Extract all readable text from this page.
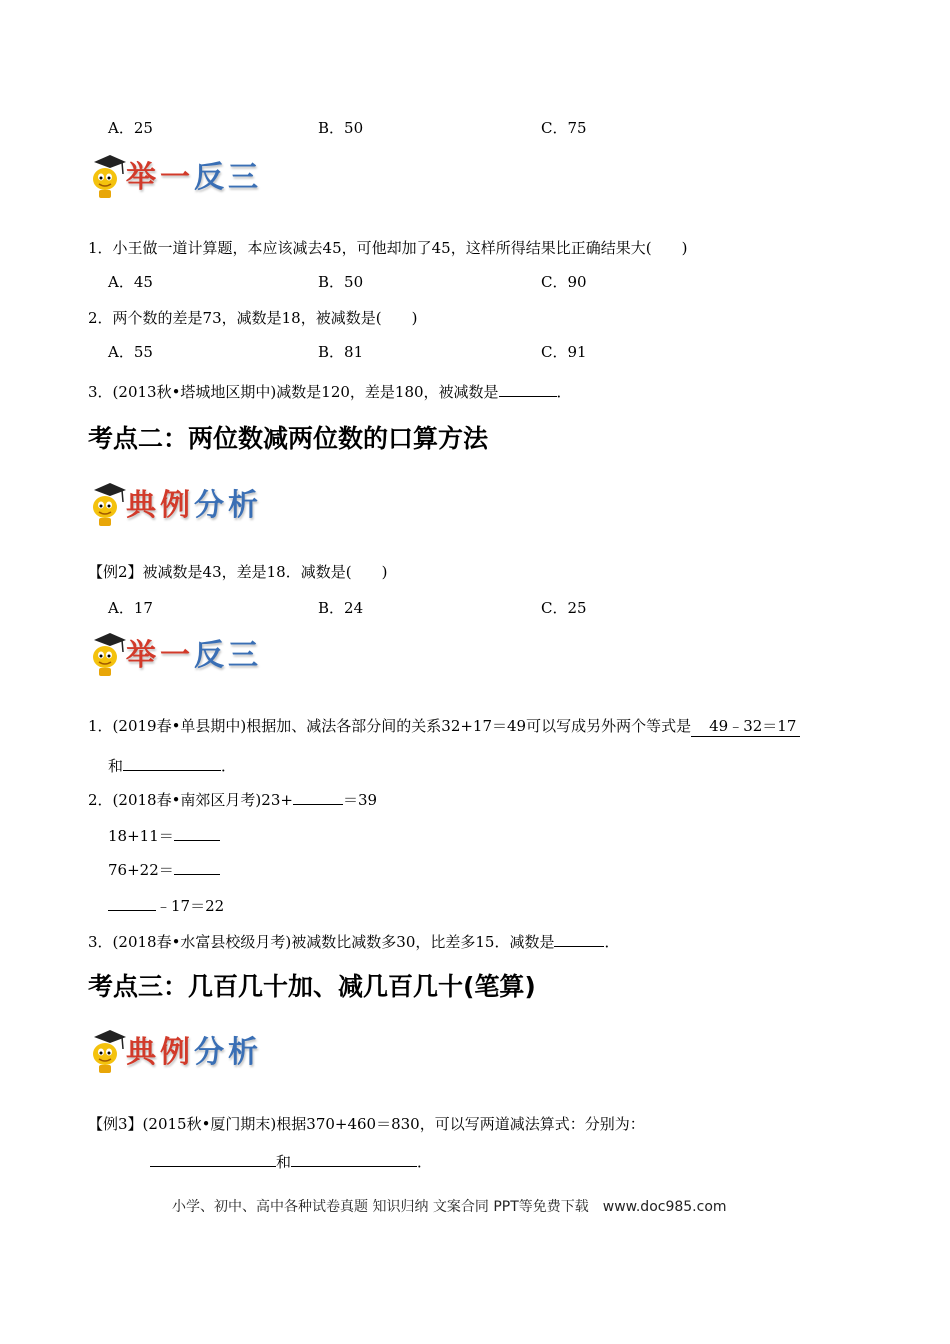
A．25	B．50	C．75
举一反三
1．小王做一道计算题，本应该减去45，可他却加了45，这样所得结果比正确结果大(　　)
A．45	B．50	C．90
2．两个数的差是73，减数是18，被减数是(　　)
A．55	B．81	C．91
3．(2013秋•塔城地区期中)减数是120，差是180，被减数是	．
考点二：两位数减两位数的口算方法
典例分析
【例2】被减数是43，差是18．减数是(　　)
A．17	B．24	C．25
举一反三
1．(2019春•单县期中)根据加、减法各部分间的关系32+17＝49可以写成另外两个等式是 49﹣32＝17
和	．
2．(2018春•南郊区月考)23+	＝39
18+11＝
76+22＝
﹣17＝22
3．(2018春•水富县校级月考)被减数比减数多30，比差多15．减数是	．
考点三：几百几十加、减几百几十(笔算)
典例分析
【例3】(2015秋•厦门期末)根据370+460＝830，可以写两道减法算式：分别为：
和	．
小学、初中、高中各种试卷真题 知识归纳 文案合同 PPT等免费下载　www.doc985.com
